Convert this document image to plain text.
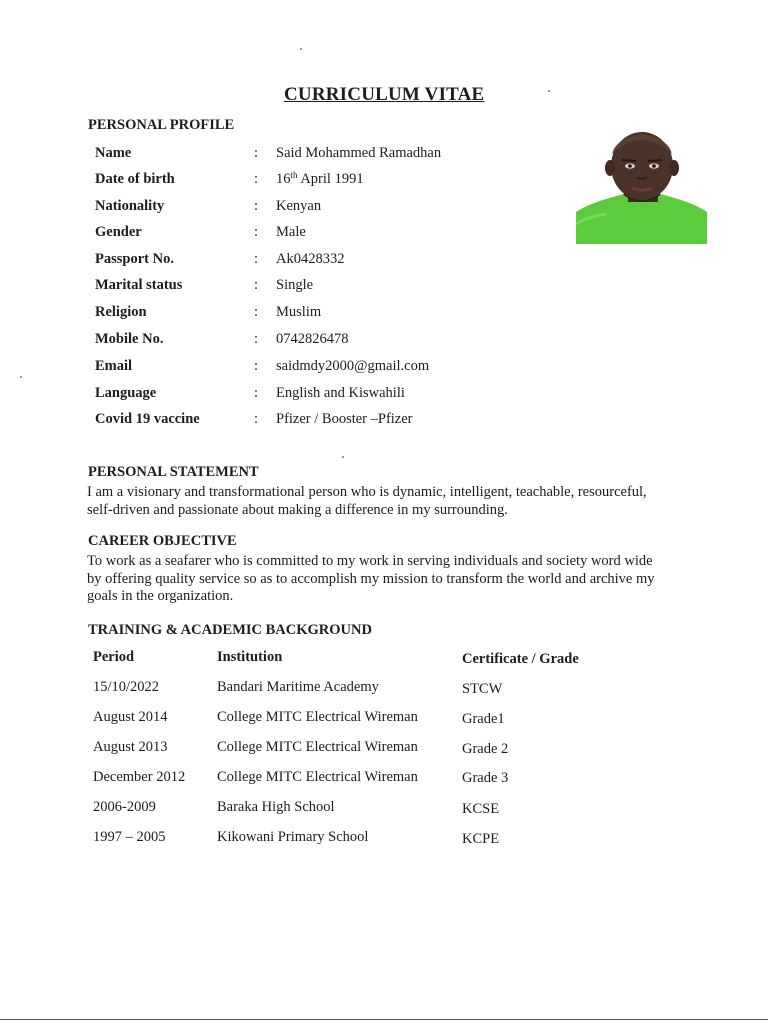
CURRICULUM VITAE
PERSONAL PROFILE
Name	: Said Mohammed Ramadhan
Date of birth	: 16th April 1991
Nationality	: Kenyan
Gender	: Male
Passport No.	: Ak0428332
Marital status	: Single
Religion	: Muslim
Mobile No.	: 0742826478
Email	: saidmdy2000@gmail.com
Language	: English and Kiswahili
Covid 19 vaccine	: Pfizer / Booster –Pfizer
PERSONAL STATEMENT

I am a visionary and transformational person who is dynamic, intelligent, teachable, resourceful,
self-driven and passionate about making a difference in my surrounding.

CAREER OBJECTIVE

To work as a seafarer who is committed to my work in serving individuals and society word wide
by offering quality service so as to accomplish my mission to transform the world and archive my
goals in the organization.

TRAINING & ACADEMIC BACKGROUND
Period	Institution	Certificate / Grade
15/10/2022	Bandari Maritime Academy	STCW
August 2014	College MITC Electrical Wireman	Grade1
August 2013	College MITC Electrical Wireman	Grade 2
December 2012 College MITC Electrical Wireman	Grade 3
2006-2009	Baraka High School	KCSE
1997 – 2005	Kikowani Primary School	KCPE
